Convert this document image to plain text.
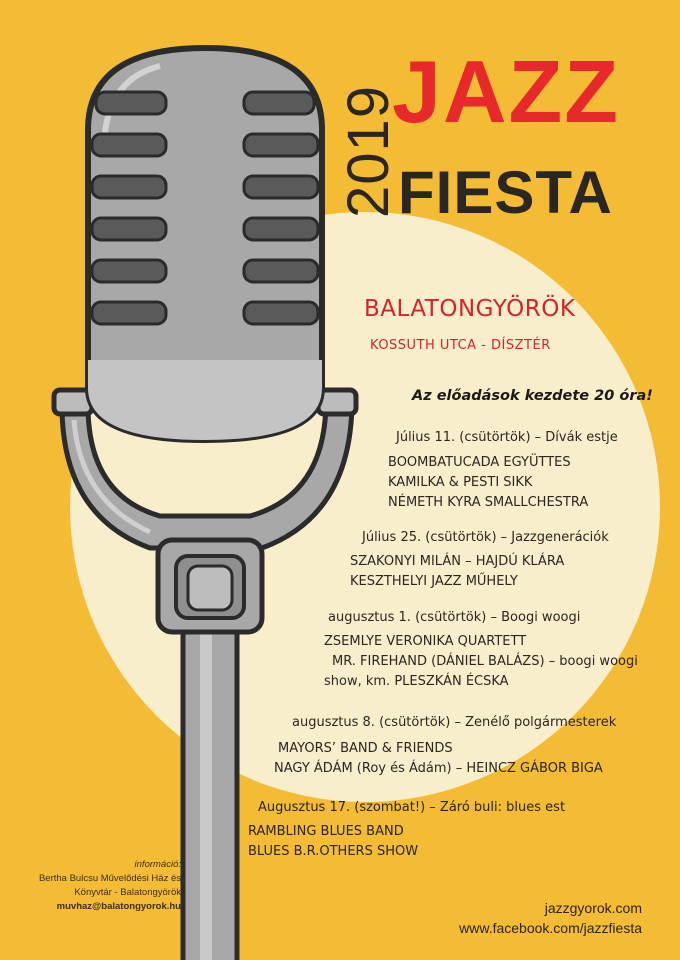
2019
JAZZ
FIESTA
BALATONGYÖRÖK
KOSSUTH UTCA - DÍSZTÉR
Az előadások kezdete 20 óra!
Július 11. (csütörtök) – Dívák estje
BOOMBATUCADA EGYÜTTES
KAMILKA & PESTI SIKK
NÉMETH KYRA SMALLCHESTRA
Július 25. (csütörtök) – Jazzgenerációk
SZAKONYI MILÁN – HAJDÚ KLÁRA
KESZTHELYI JAZZ MŰHELY
augusztus 1. (csütörtök) – Boogi woogi
ZSEMLYE VERONIKA QUARTETT
MR. FIREHAND (DÁNIEL BALÁZS) – boogi woogi
show, km. PLESZKÁN ÉCSKA
augusztus 8. (csütörtök) – Zenélő polgármesterek
MAYORS’ BAND & FRIENDS
NAGY ÁDÁM (Roy és Ádám) – HEINCZ GÁBOR BIGA
Augusztus 17. (szombat!) – Záró buli: blues est
RAMBLING BLUES BAND
BLUES B.R.OTHERS SHOW
információ:
Bertha Bulcsu Művelődési Ház és
Könyvtár - Balatongyörök
muvhaz@balatongyorok.hu	jazzgyorok.com
www.facebook.com/jazzfiesta
